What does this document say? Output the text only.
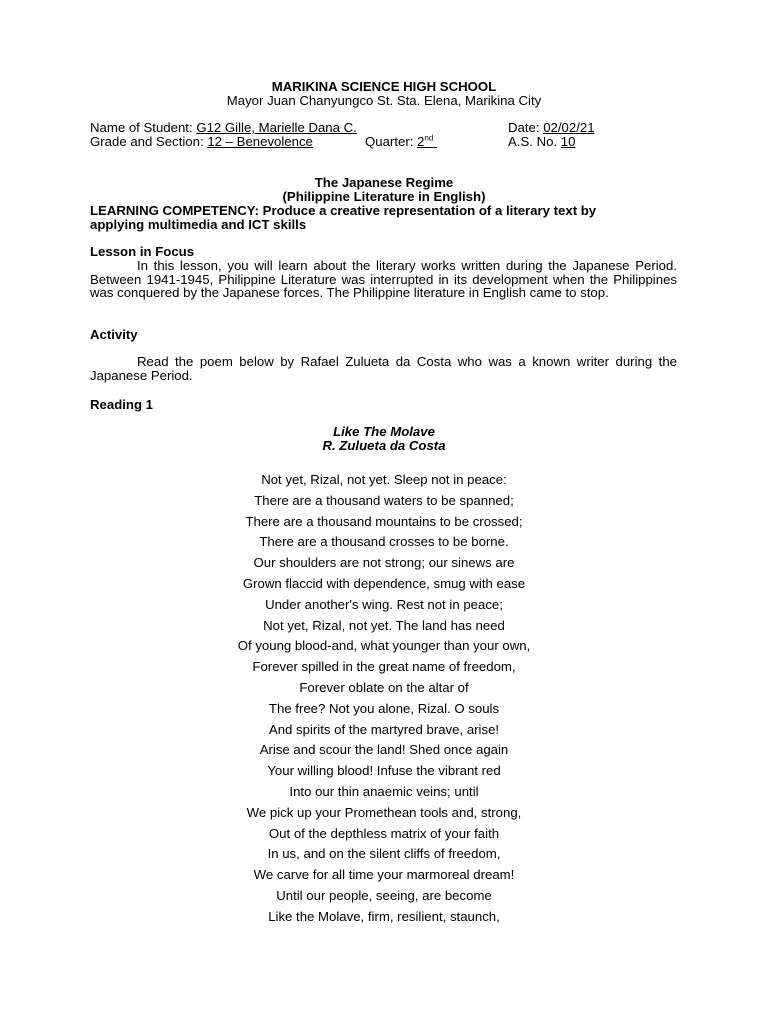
MARIKINA SCIENCE HIGH SCHOOL
Mayor Juan Chanyungco St. Sta. Elena, Marikina City
Name of Student: G12 Gille, Marielle Dana C.	Date: 02/02/21
Grade and Section: 12 – Benevolence	Quarter: 2nd	A.S. No. 10
The Japanese Regime
(Philippine Literature in English)
LEARNING COMPETENCY: Produce a creative representation of a literary text by
applying multimedia and ICT skills
Lesson in Focus
In this lesson, you will learn about the literary works written during the Japanese Period. Between 1941-1945, Philippine Literature was interrupted in its development when the Philippines was conquered by the Japanese forces. The Philippine literature in English came to stop.
Activity
Read the poem below by Rafael Zulueta da Costa who was a known writer during the Japanese Period.
Reading 1
Like The Molave
R. Zulueta da Costa
Not yet, Rizal, not yet. Sleep not in peace:
There are a thousand waters to be spanned;
There are a thousand mountains to be crossed;
There are a thousand crosses to be borne.
Our shoulders are not strong; our sinews are
Grown flaccid with dependence, smug with ease
Under another's wing. Rest not in peace;
Not yet, Rizal, not yet. The land has need
Of young blood-and, what younger than your own,
Forever spilled in the great name of freedom,
Forever oblate on the altar of
The free? Not you alone, Rizal. O souls
And spirits of the martyred brave, arise!
Arise and scour the land! Shed once again
Your willing blood! Infuse the vibrant red
Into our thin anaemic veins; until
We pick up your Promethean tools and, strong,
Out of the depthless matrix of your faith
In us, and on the silent cliffs of freedom,
We carve for all time your marmoreal dream!
Until our people, seeing, are become
Like the Molave, firm, resilient, staunch,
